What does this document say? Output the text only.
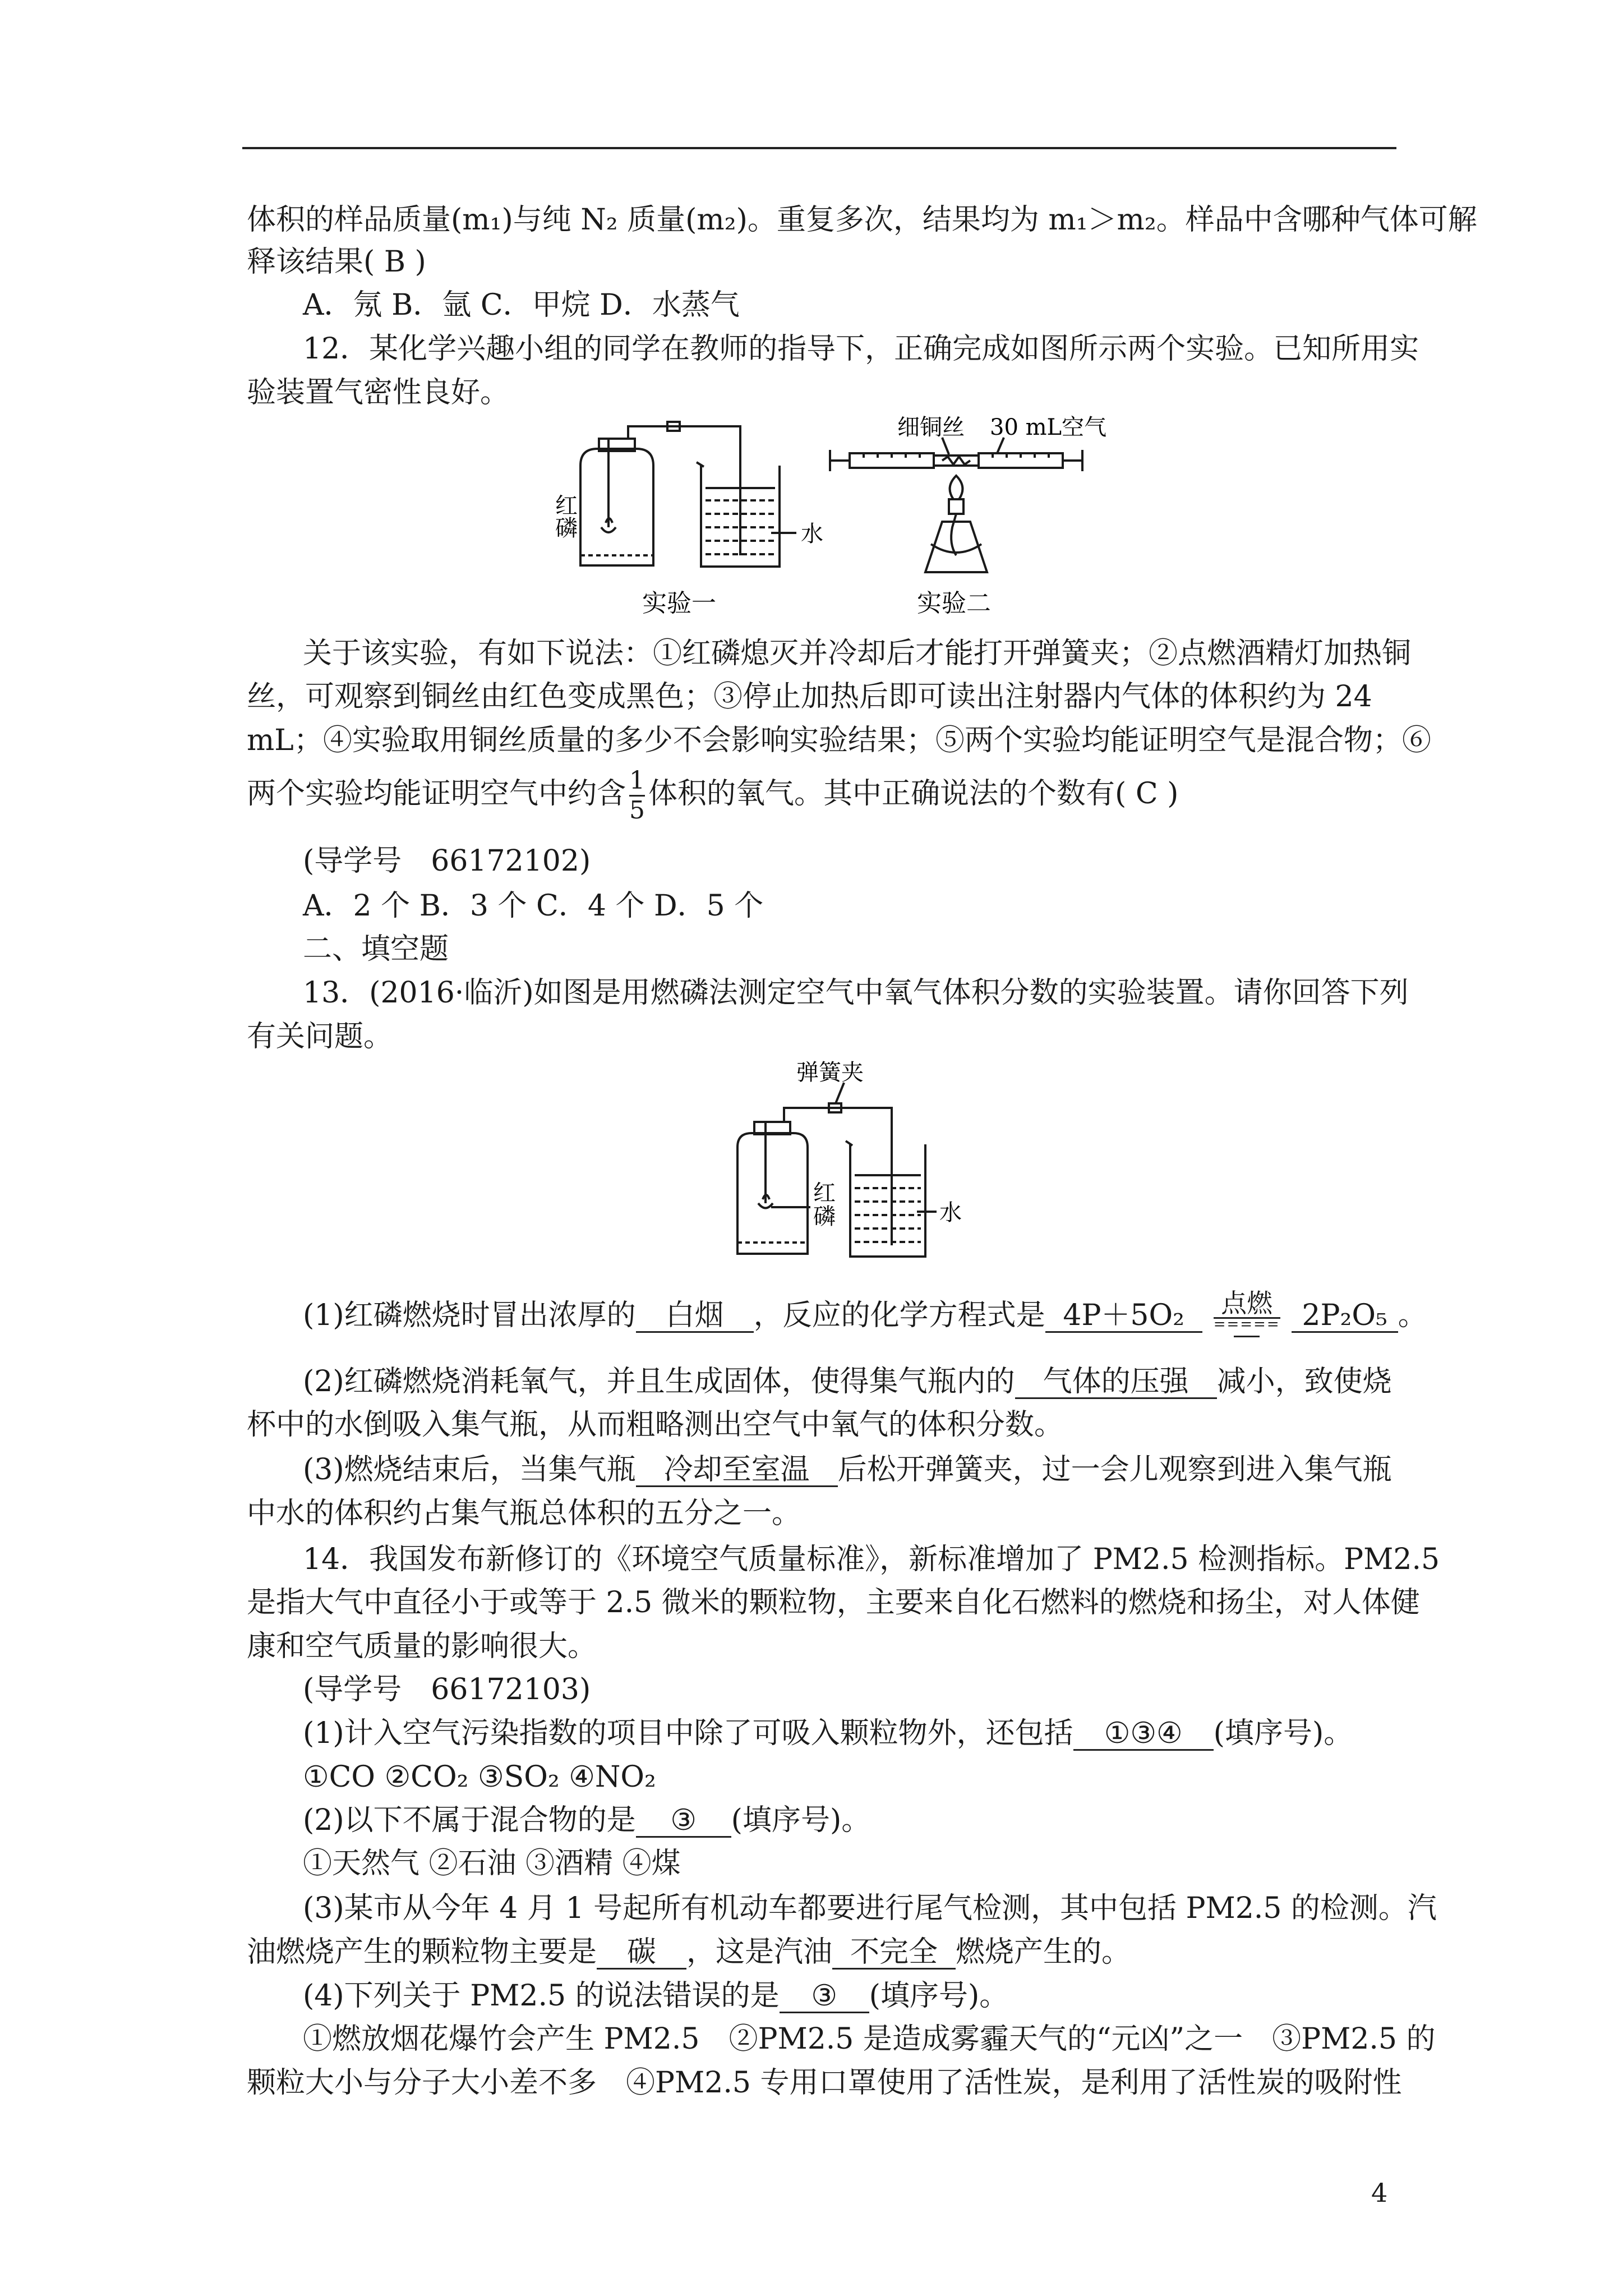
体积的样品质量(m₁)与纯 N₂ 质量(m₂)。重复多次，结果均为 m₁＞m₂。样品中含哪种气体可解
释该结果( B )
A．氖 B．氩 C．甲烷 D．水蒸气
12．某化学兴趣小组的同学在教师的指导下，正确完成如图所示两个实验。已知所用实
验装置气密性良好。
红
磷	水
实验一
细铜丝 30 mL空气
实验二
关于该实验，有如下说法：①红磷熄灭并冷却后才能打开弹簧夹；②点燃酒精灯加热铜
丝，可观察到铜丝由红色变成黑色；③停止加热后即可读出注射器内气体的体积约为 24
mL；④实验取用铜丝质量的多少不会影响实验结果；⑤两个实验均能证明空气是混合物；⑥
两个实验均能证明空气中约含 $\frac{1}{5}$ 体积的氧气。其中正确说法的个数有( C )
(导学号　66172102)
A．2 个 B．3 个 C．4 个 D．5 个
二、填空题
13．(2016·临沂)如图是用燃磷法测定空气中氧气体积分数的实验装置。请你回答下列
有关问题。
弹簧夹
红
磷	水
(1)红磷燃烧时冒出浓厚的 白烟 ，反应的化学方程式是 4P＋5O₂ 点燃
===== 2P₂O₅ 。
(2)红磷燃烧消耗氧气，并且生成固体，使得集气瓶内的 气体的压强 减小，致使烧
杯中的水倒吸入集气瓶，从而粗略测出空气中氧气的体积分数。
(3)燃烧结束后，当集气瓶 冷却至室温 后松开弹簧夹，过一会儿观察到进入集气瓶
中水的体积约占集气瓶总体积的五分之一。
14．我国发布新修订的《环境空气质量标准》，新标准增加了 PM2.5 检测指标。PM2.5
是指大气中直径小于或等于 2.5 微米的颗粒物，主要来自化石燃料的燃烧和扬尘，对人体健
康和空气质量的影响很大。
(导学号　66172103)
(1)计入空气污染指数的项目中除了可吸入颗粒物外，还包括 ①③④ (填序号)。
①CO ②CO₂ ③SO₂ ④NO₂
(2)以下不属于混合物的是 ③ (填序号)。
①天然气 ②石油 ③酒精 ④煤
(3)某市从今年 4 月 1 号起所有机动车都要进行尾气检测，其中包括 PM2.5 的检测。汽
油燃烧产生的颗粒物主要是 碳 ，这是汽油 不完全 燃烧产生的。
(4)下列关于 PM2.5 的说法错误的是 ③ (填序号)。
①燃放烟花爆竹会产生 PM2.5　②PM2.5 是造成雾霾天气的“元凶”之一　③PM2.5 的
颗粒大小与分子大小差不多　④PM2.5 专用口罩使用了活性炭，是利用了活性炭的吸附性
4
